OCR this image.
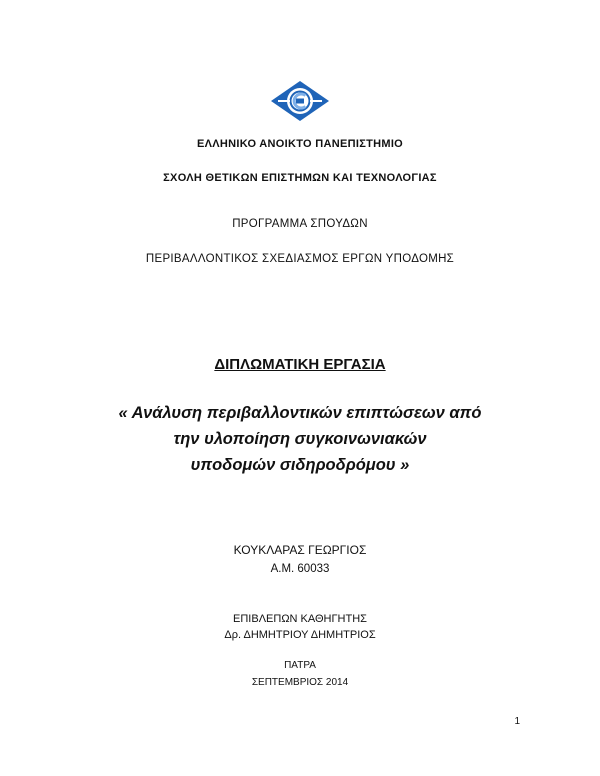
ΕΛΛΗΝΙΚΟ ΑΝΟΙΚΤΟ ΠΑΝΕΠΙΣΤΗΜΙΟ
ΣΧΟΛΗ ΘΕΤΙΚΩΝ ΕΠΙΣΤΗΜΩΝ ΚΑΙ ΤΕΧΝΟΛΟΓΙΑΣ
ΠΡΟΓΡΑΜΜΑ ΣΠΟΥΔΩΝ
ΠΕΡΙΒΑΛΛΟΝΤΙΚΟΣ ΣΧΕΔΙΑΣΜΟΣ ΕΡΓΩΝ ΥΠΟΔΟΜΗΣ
ΔΙΠΛΩΜΑΤΙΚΗ ΕΡΓΑΣΙΑ
« Ανάλυση περιβαλλοντικών επιπτώσεων από
την υλοποίηση συγκοινωνιακών
υποδομών σιδηροδρόμου »
ΚΟΥΚΛΑΡΑΣ ΓΕΩΡΓΙΟΣ
Α.Μ. 60033
ΕΠΙΒΛΕΠΩΝ ΚΑΘΗΓΗΤΗΣ
Δρ. ΔΗΜΗΤΡΙΟΥ ΔΗΜΗΤΡΙΟΣ
ΠΑΤΡΑ
ΣΕΠΤΕΜΒΡΙΟΣ 2014
1
